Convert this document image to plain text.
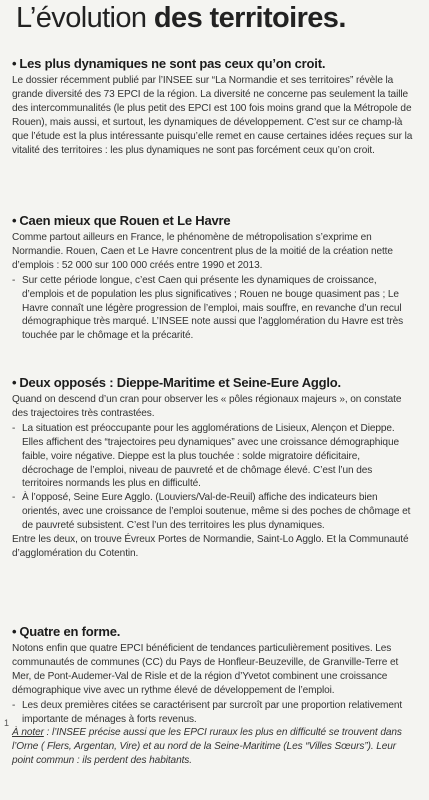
L’évolution des territoires.
• Les plus dynamiques ne sont pas ceux qu’on croit.

Le dossier récemment publié par l’INSEE sur “La Normandie et ses territoires” révèle la grande diversité des 73 EPCI de la région. La diversité ne concerne pas seulement la taille des intercommunalités (le plus petit des EPCI est 100 fois moins grand que la Métropole de Rouen), mais aussi, et surtout, les dynamiques de développement. C’est sur ce champ-là que l’étude est la plus intéressante puisqu’elle remet en cause certaines idées reçues sur la vitalité des territoires : les plus dynamiques ne sont pas forcément ceux qu’on croit.

• Caen mieux que Rouen et Le Havre

Comme partout ailleurs en France, le phénomène de métropolisation s’exprime en Normandie. Rouen, Caen et Le Havre concentrent plus de la moitié de la création nette d’emplois : 52 000 sur 100 000 créés entre 1990 et 2013.

- Sur cette période longue, c’est Caen qui présente les dynamiques de croissance, d’emplois et de population les plus significatives ; Rouen ne bouge quasiment pas ; Le Havre connaît une légère progression de l’emploi, mais souffre, en revanche d’un recul démographique très marqué. L’INSEE note aussi que l’agglomération du Havre est très touchée par le chômage et la précarité.
• Deux opposés : Dieppe-Maritime et Seine-Eure Agglo.

Quand on descend d’un cran pour observer les « pôles régionaux majeurs », on constate des trajectoires très contrastées.

- La situation est préoccupante pour les agglomérations de Lisieux, Alençon et Dieppe. Elles affichent des “trajectoires peu dynamiques” avec une croissance démographique faible, voire négative. Dieppe est la plus touchée : solde migratoire déficitaire, décrochage de l’emploi, niveau de pauvreté et de chômage élevé. C’est l’un des territoires normands les plus en difficulté.
- À l’opposé, Seine Eure Agglo. (Louviers/Val-de-Reuil) affiche des indicateurs bien orientés, avec une croissance de l’emploi soutenue, même si des poches de chômage et de pauvreté subsistent. C’est l’un des territoires les plus dynamiques.

Entre les deux, on trouve Évreux Portes de Normandie, Saint-Lo Agglo. Et la Communauté d’agglomération du Cotentin.

• Quatre en forme.

Notons enfin que quatre EPCI bénéficient de tendances particulièrement positives. Les communautés de communes (CC) du Pays de Honfleur-Beuzeville, de Granville-Terre et Mer, de Pont-Audemer-Val de Risle et de la région d’Yvetot combinent une croissance démographique vive avec un rythme élevé de développement de l’emploi.

- Les deux premières citées se caractérisent par surcroît par une proportion relativement importante de ménages à forts revenus.

À noter : l’INSEE précise aussi que les EPCI ruraux les plus en difficulté se trouvent dans l’Orne ( Flers, Argentan, Vire) et au nord de la Seine-Maritime (Les “Villes Sœurs”). Leur point commun : ils perdent des habitants.

1
